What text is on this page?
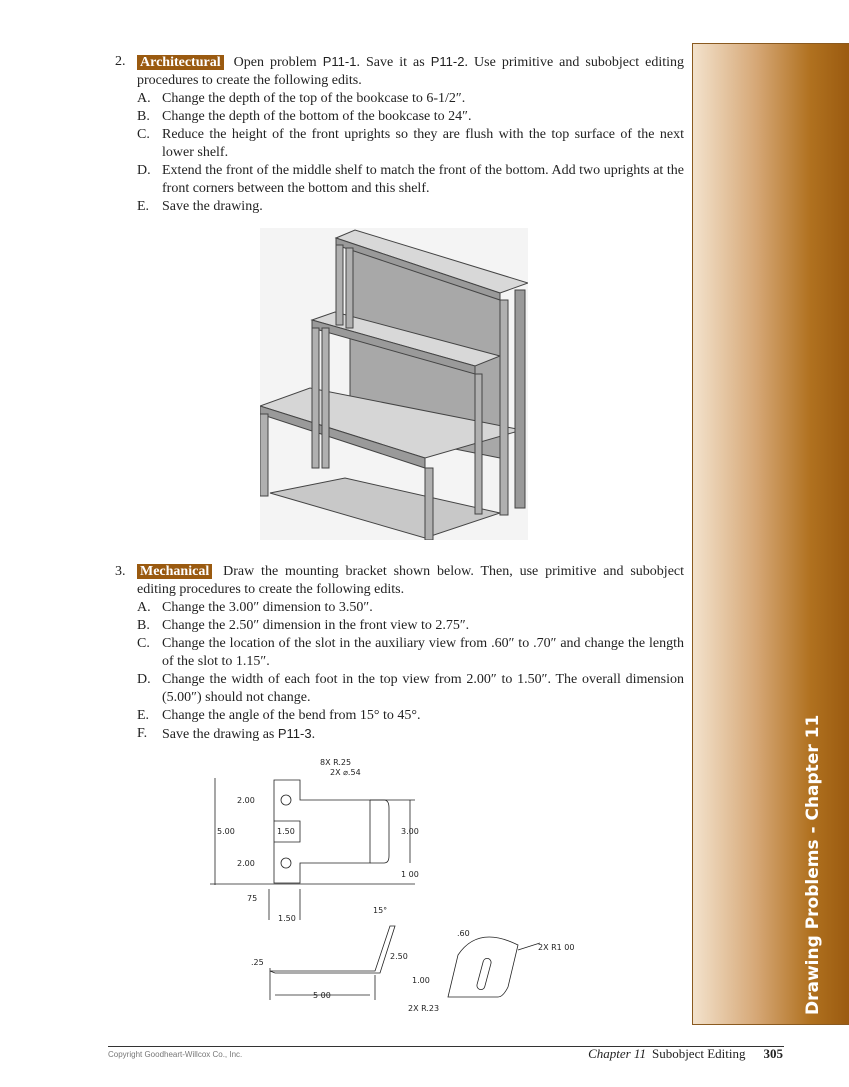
Drawing Problems - Chapter 11
2. Architectural Open problem P11-1. Save it as P11-2. Use primitive and subobject editing procedures to create the following edits.
A. Change the depth of the top of the bookcase to 6-1/2″.
B. Change the depth of the bottom of the bookcase to 24″.
C. Reduce the height of the front uprights so they are flush with the top surface of the next lower shelf.
D. Extend the front of the middle shelf to match the front of the bottom. Add two uprights at the front corners between the bottom and this shelf.
E. Save the drawing.
3. Mechanical Draw the mounting bracket shown below. Then, use primitive and subobject editing procedures to create the following edits.
A. Change the 3.00″ dimension to 3.50″.
B. Change the 2.50″ dimension in the front view to 2.75″.
C. Change the location of the slot in the auxiliary view from .60″ to .70″ and change the length of the slot to 1.15″.
D. Change the width of each foot in the top view from 2.00″ to 1.50″. The overall dimension (5.00″) should not change.
E. Change the angle of the bend from 15° to 45°.
F. Save the drawing as P11-3.
8X R.25
2X ⌀.54
2.00
5.00	1.50	3.00
2.00
1 00
75
1.50
15°
.25
2.50
5 00
.60
2X R1 00
1.00
2X R.23
Copyright Goodheart-Willcox Co., Inc.	Chapter 11 Subobject Editing 305
